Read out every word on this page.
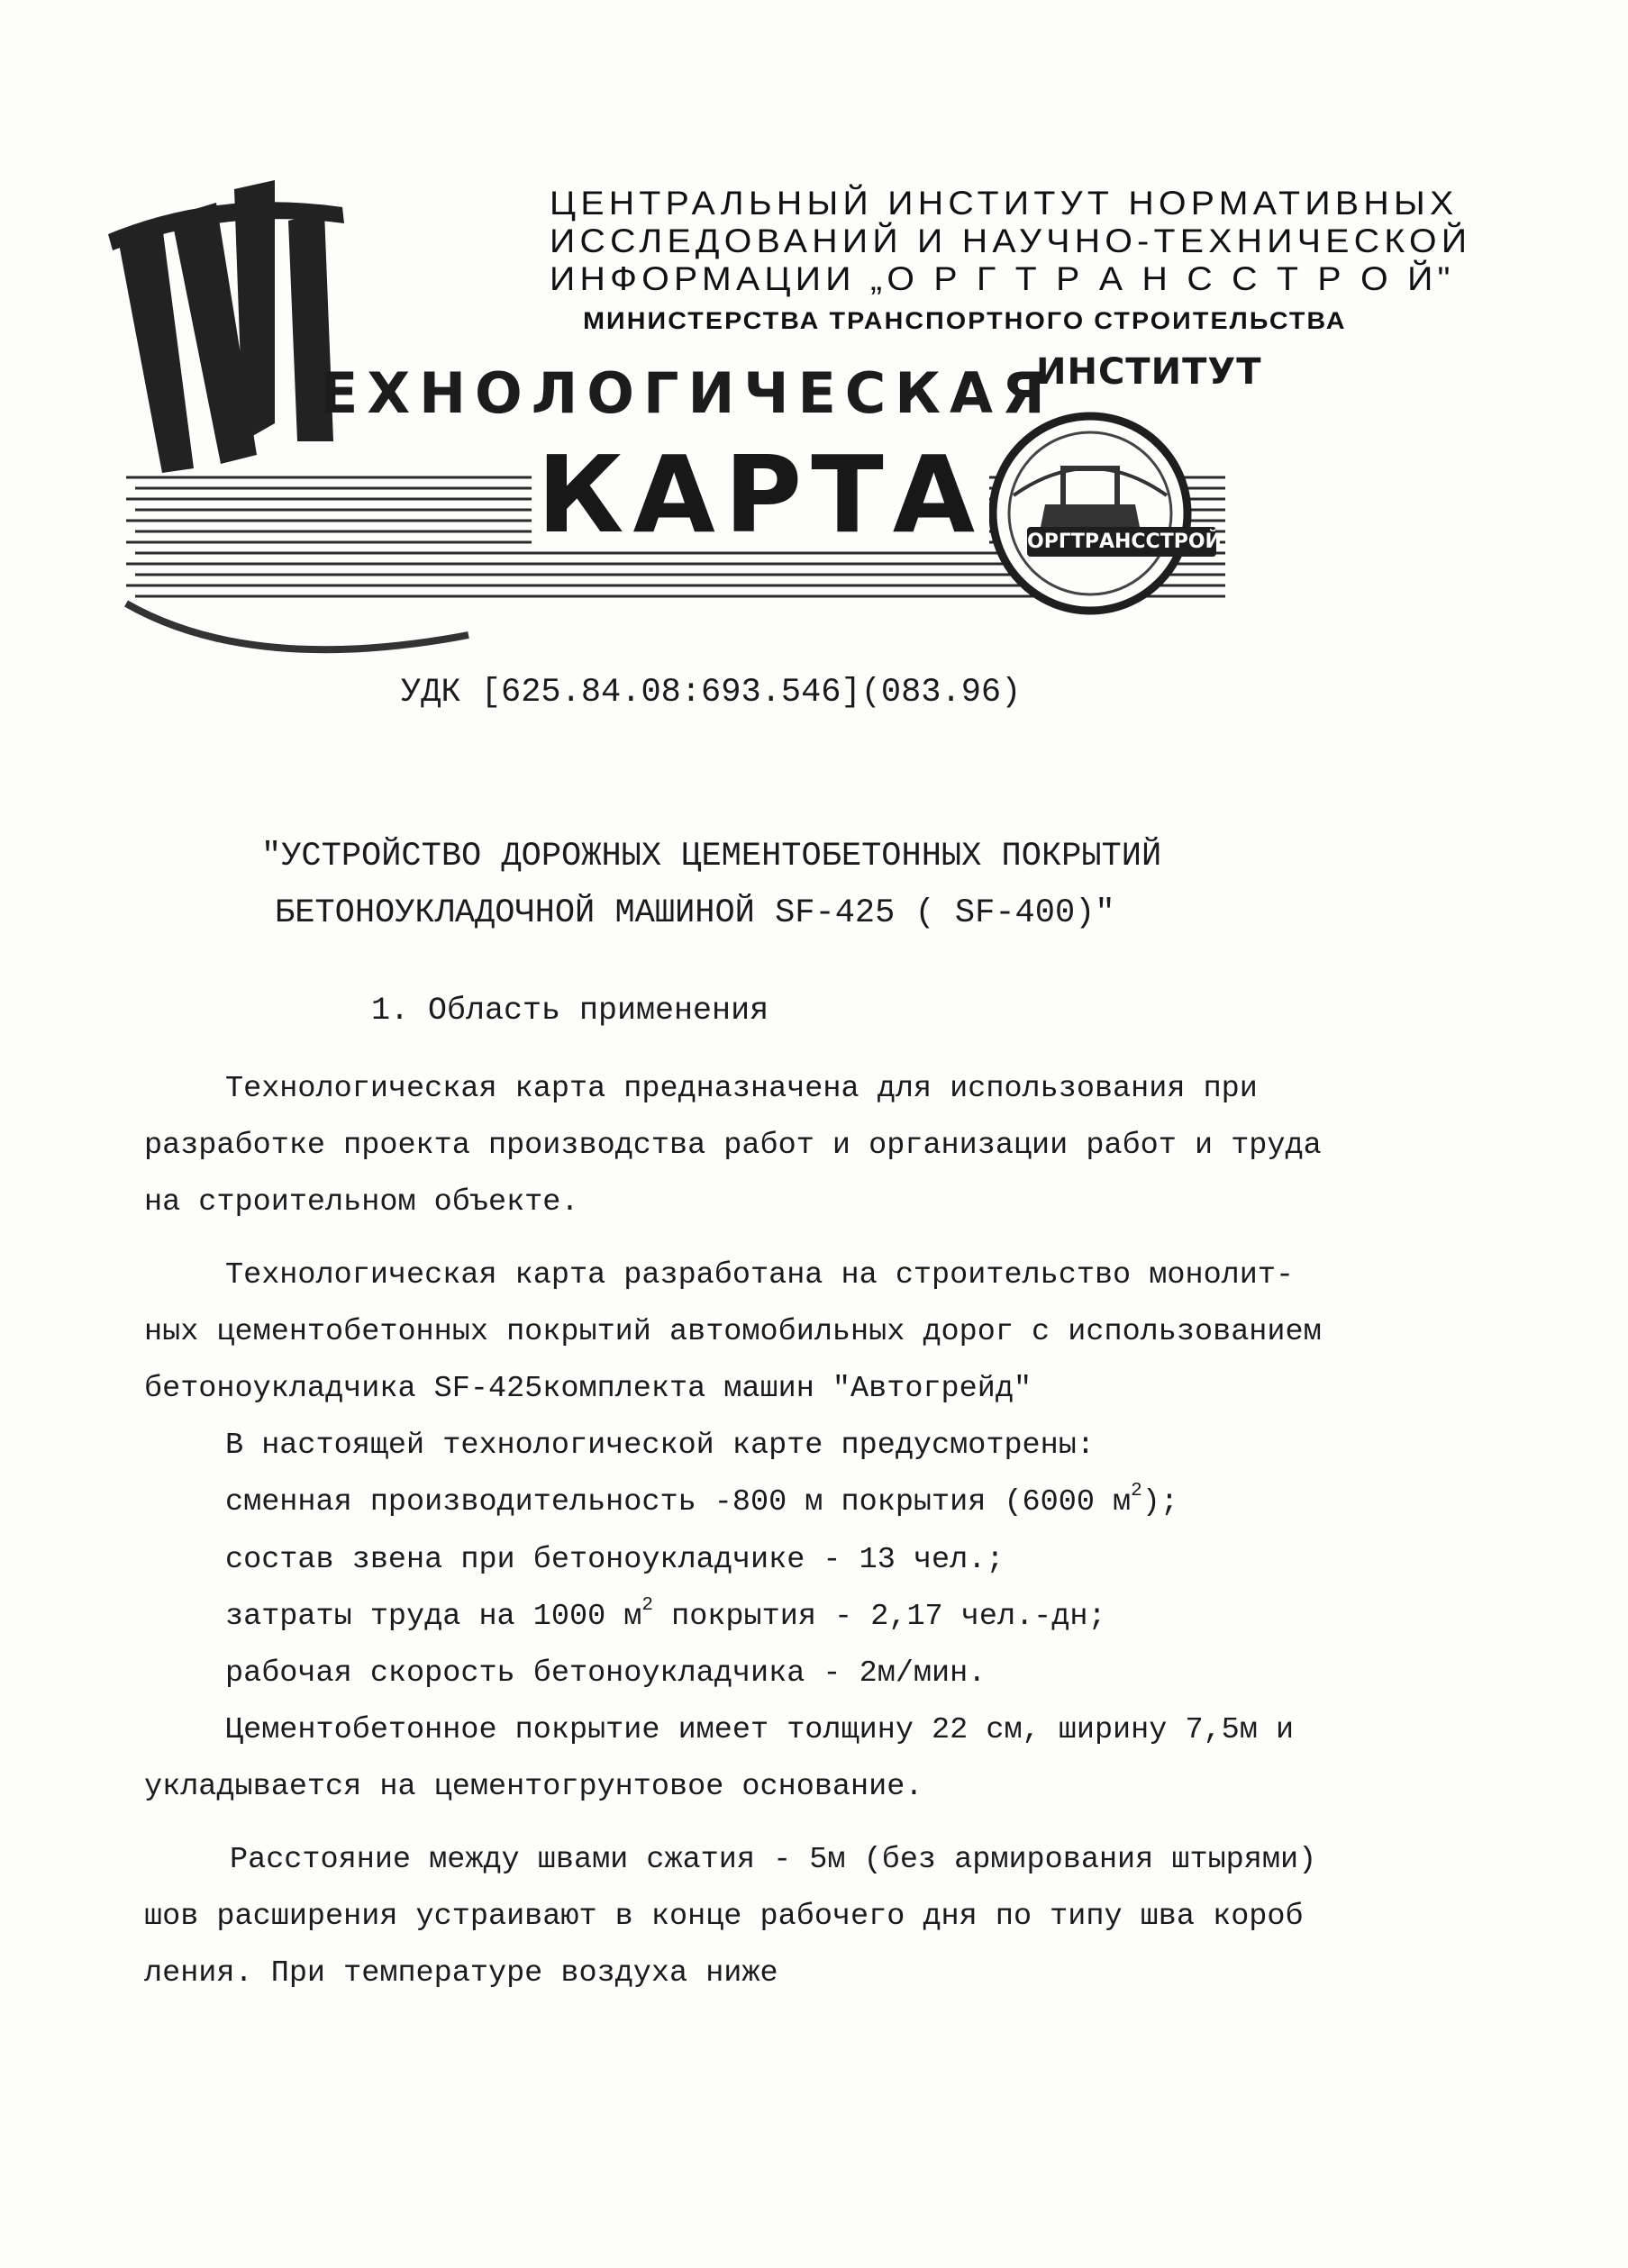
ЦЕНТРАЛЬНЫЙ ИНСТИТУТ НОРМАТИВНЫХ
ИССЛЕДОВАНИЙ И НАУЧНО-ТЕХНИЧЕСКОЙ
ИНФОРМАЦИИ „О Р Г Т Р А Н С С Т Р О Й"
МИНИСТЕРСТВА ТРАНСПОРТНОГО СТРОИТЕЛЬСТВА
ЕХНОЛОГИЧЕСКАЯ
КАРТА
ИНСТИТУТ
ОРГТРАНССТРОЙ
УДК [625.84.08:693.546](083.96)
"УСТРОЙСТВО ДОРОЖНЫХ ЦЕМЕНТОБЕТОННЫХ ПОКРЫТИЙ
БЕТОНОУКЛАДОЧНОЙ МАШИНОЙ SF-425 ( SF-400)"
1. Область применения
Технологическая карта предназначена для использования при
разработке проекта производства работ и организации работ и труда
на строительном объекте.
Технологическая карта разработана на строительство монолит-
ных цементобетонных покрытий автомобильных дорог с использованием
бетоноукладчика SF-425комплекта машин "Автогрейд"
В настоящей технологической карте предусмотрены:
сменная производительность -800 м покрытия (6000 $м^2$);
состав звена при бетоноукладчике - 13 чел.;
затраты труда на 1000 $м^2$ покрытия - 2,17 чел.-дн;
рабочая скорость бетоноукладчика - 2м/мин.
Цементобетонное покрытие имеет толщину 22 см, ширину 7,5м и
укладывается на цементогрунтовое основание.
Расстояние между швами сжатия - 5м (без армирования штырями)
шов расширения устраивают в конце рабочего дня по типу шва короб
ления. При температуре воздуха ниже
